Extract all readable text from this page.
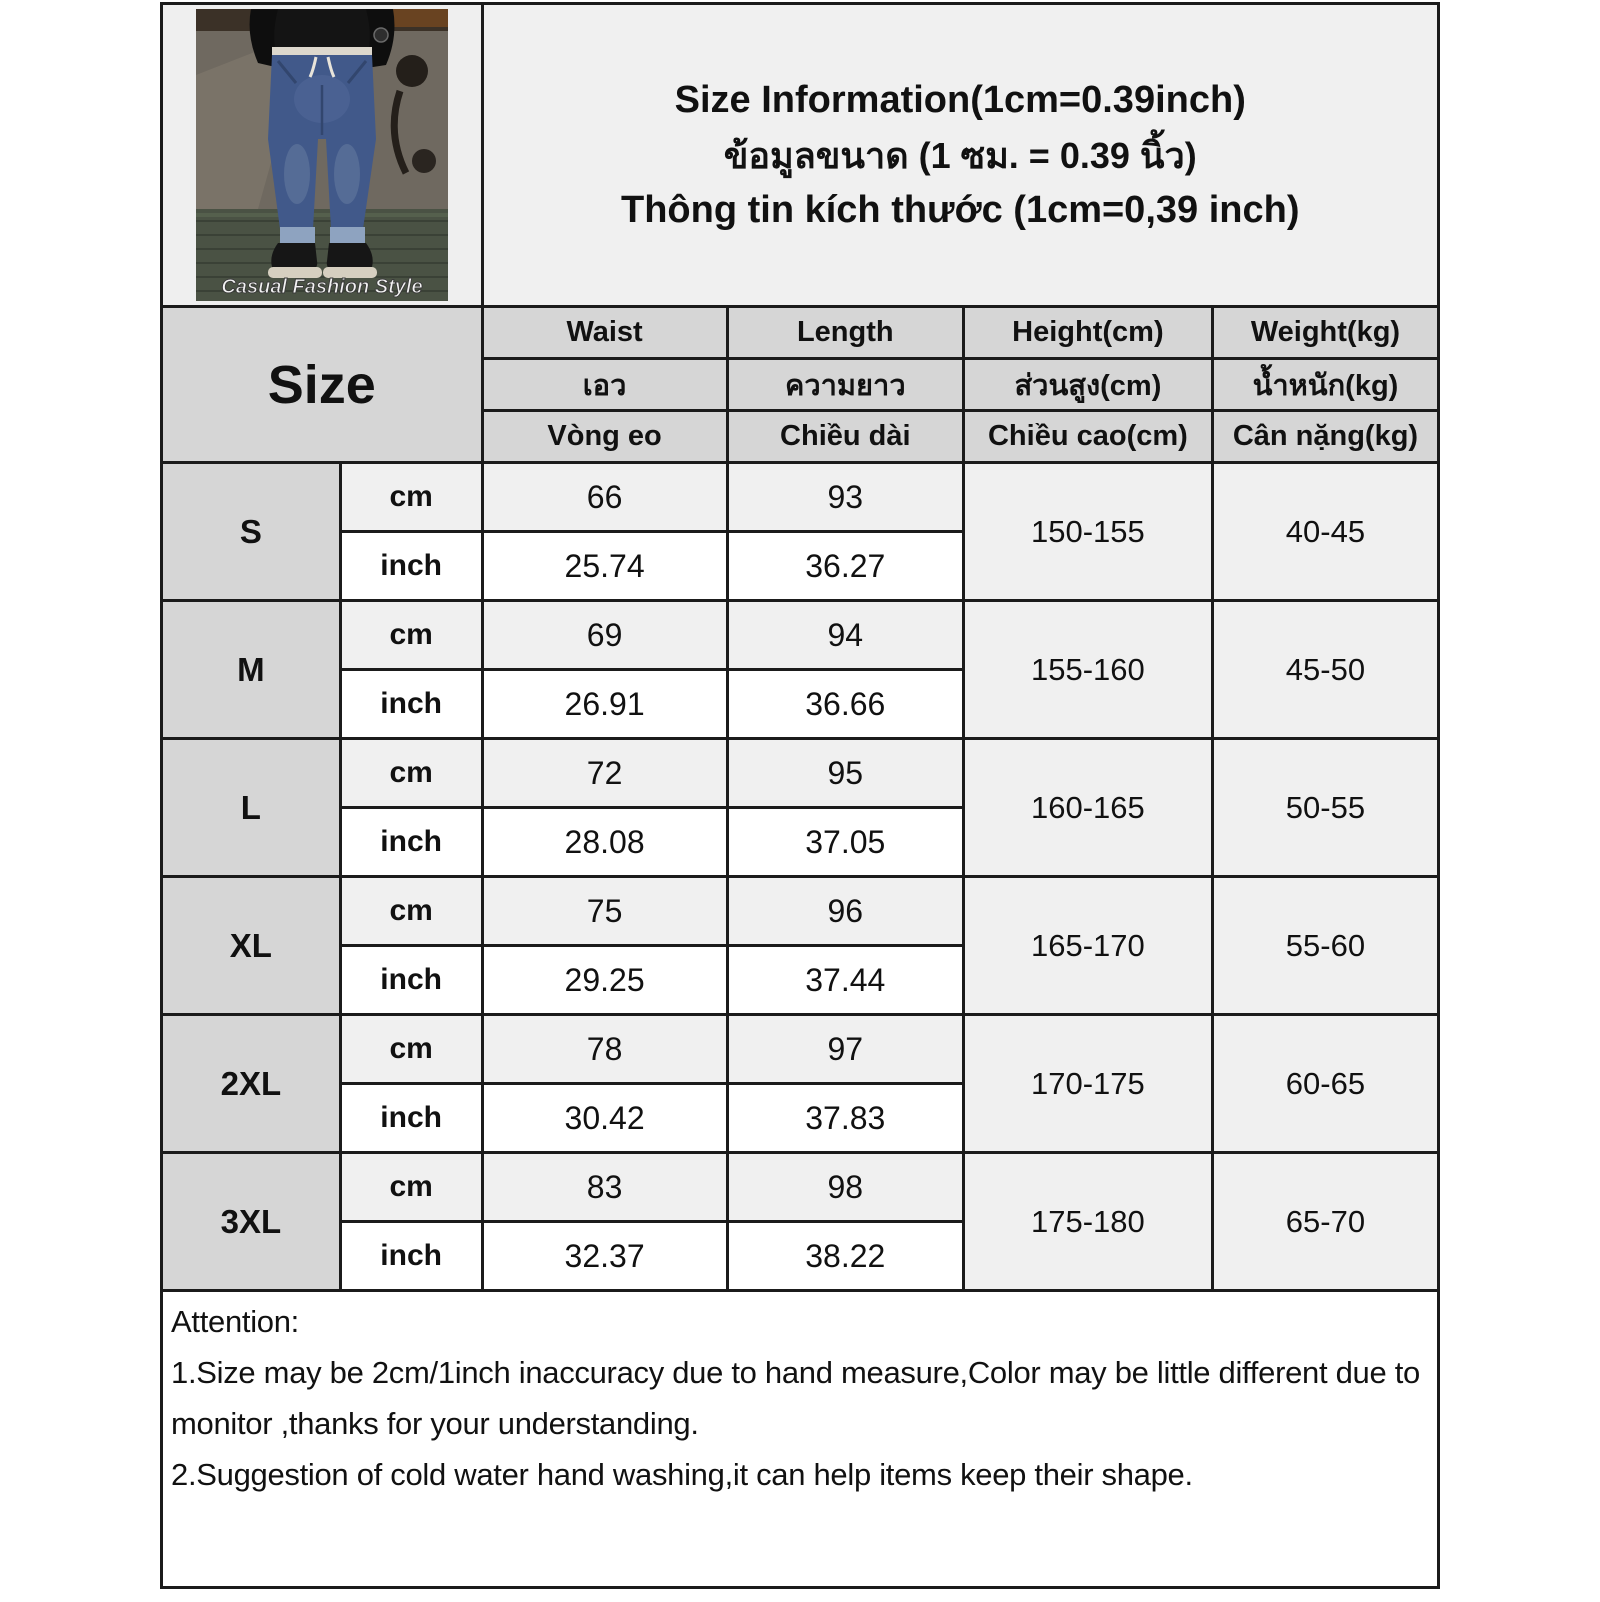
Casual Fashion Style		Size Information(1cm=0.39inch)
ข้อมูลขนาด (1 ซม. = 0.39 นิ้ว)
Thông tin kích thước (1cm=0,39 inch)			

Size		Waist	Length	Height(cm)	Weight(kg)
		เอว	ความยาว	ส่วนสูง(cm)	น้ำหนัก(kg)
		Vòng eo	Chiều dài	Chiều cao(cm)	Cân nặng(kg)
S	cm	66	93	150-155	40-45
	inch	25.74	36.27		
M	cm	69	94	155-160	45-50
	inch	26.91	36.66		
L	cm	72	95	160-165	50-55
	inch	28.08	37.05		
XL	cm	75	96	165-170	55-60
	inch	29.25	37.44		
2XL	cm	78	97	170-175	60-65
	inch	30.42	37.83		
3XL	cm	83	98	175-180	65-70
	inch	32.37	38.22		

Attention:
1.Size may be 2cm/1inch inaccuracy due to hand measure,Color may be little different due to monitor ,thanks for your understanding.
2.Suggestion of cold water hand washing,it can help items keep their shape.					
